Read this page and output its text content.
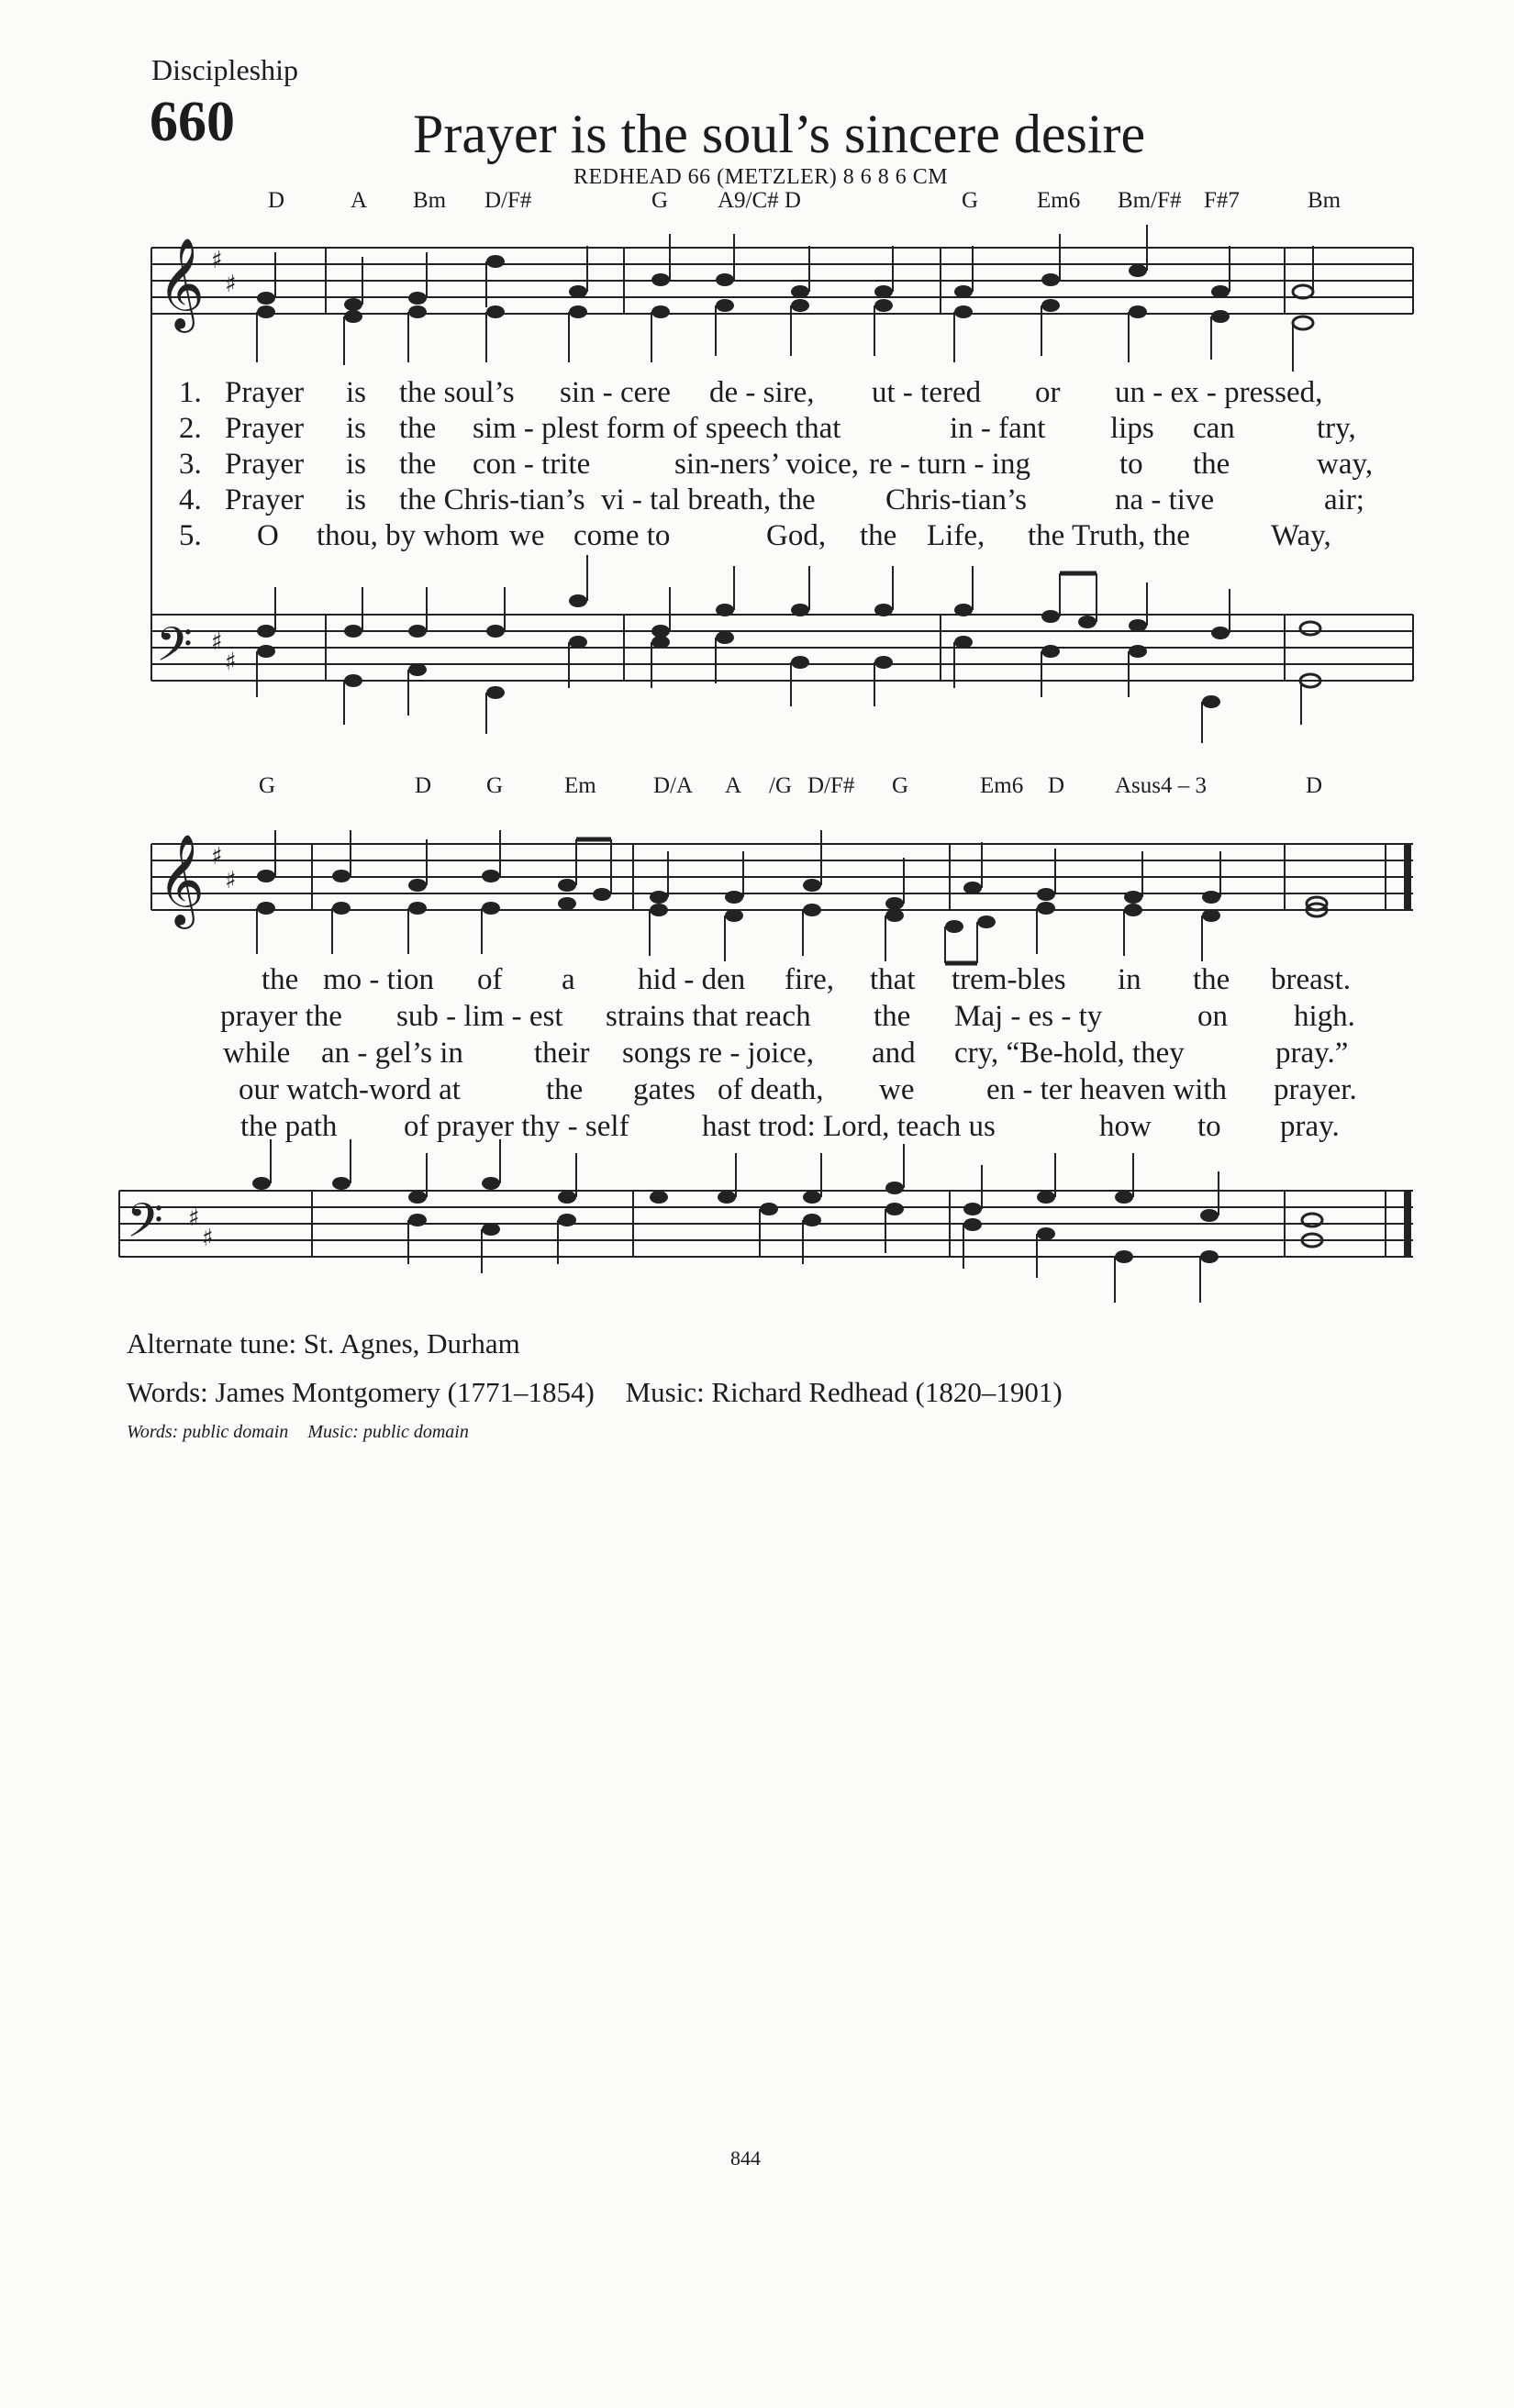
Discipleship
660	Prayer is the soul’s sincere desire
REDHEAD 66 (METZLER) 8 6 8 6 CM
D	A Bm D/F#	G A9/C# D	G	Em6 Bm/F# F#7	Bm
𝄞 ♯
♯
𝄢 ♯
♯
𝄞 ♯
♯
𝄢 ♯
♯
1. Prayer is the soul’s sin - cere de - sire, ut - tered or un - ex - pressed,
2. Prayer is the sim - plest form of speech that	in - fant lips can	try,
3. Prayer is the con - trite	sin-ners’ voice, re - turn - ing	to the	way,
4. Prayer is the Chris-tian’s vi - tal breath, the Chris-tian’s	na - tive	air;
5. O thou, by whom we come to	God, the Life, the Truth, the	Way,
G	D G	Em D/A A /G D/F# G	Em6 D Asus4 – 3	D
the mo - tion of a hid - den fire, that trem-bles in the breast.
prayer the sub - lim - est strains that reach the Maj - es - ty	on high.
while an - gel’s in their songs re - joice, and cry, “Be-hold, they	pray.”
our watch-word at	the gates of death, we en - ter heaven with prayer.
the path of prayer thy - self hast trod: Lord, teach us	how to pray.
Alternate tune: St. Agnes, Durham
Words: James Montgomery (1771–1854) Music: Richard Redhead (1820–1901)
Words: public domain Music: public domain
844
